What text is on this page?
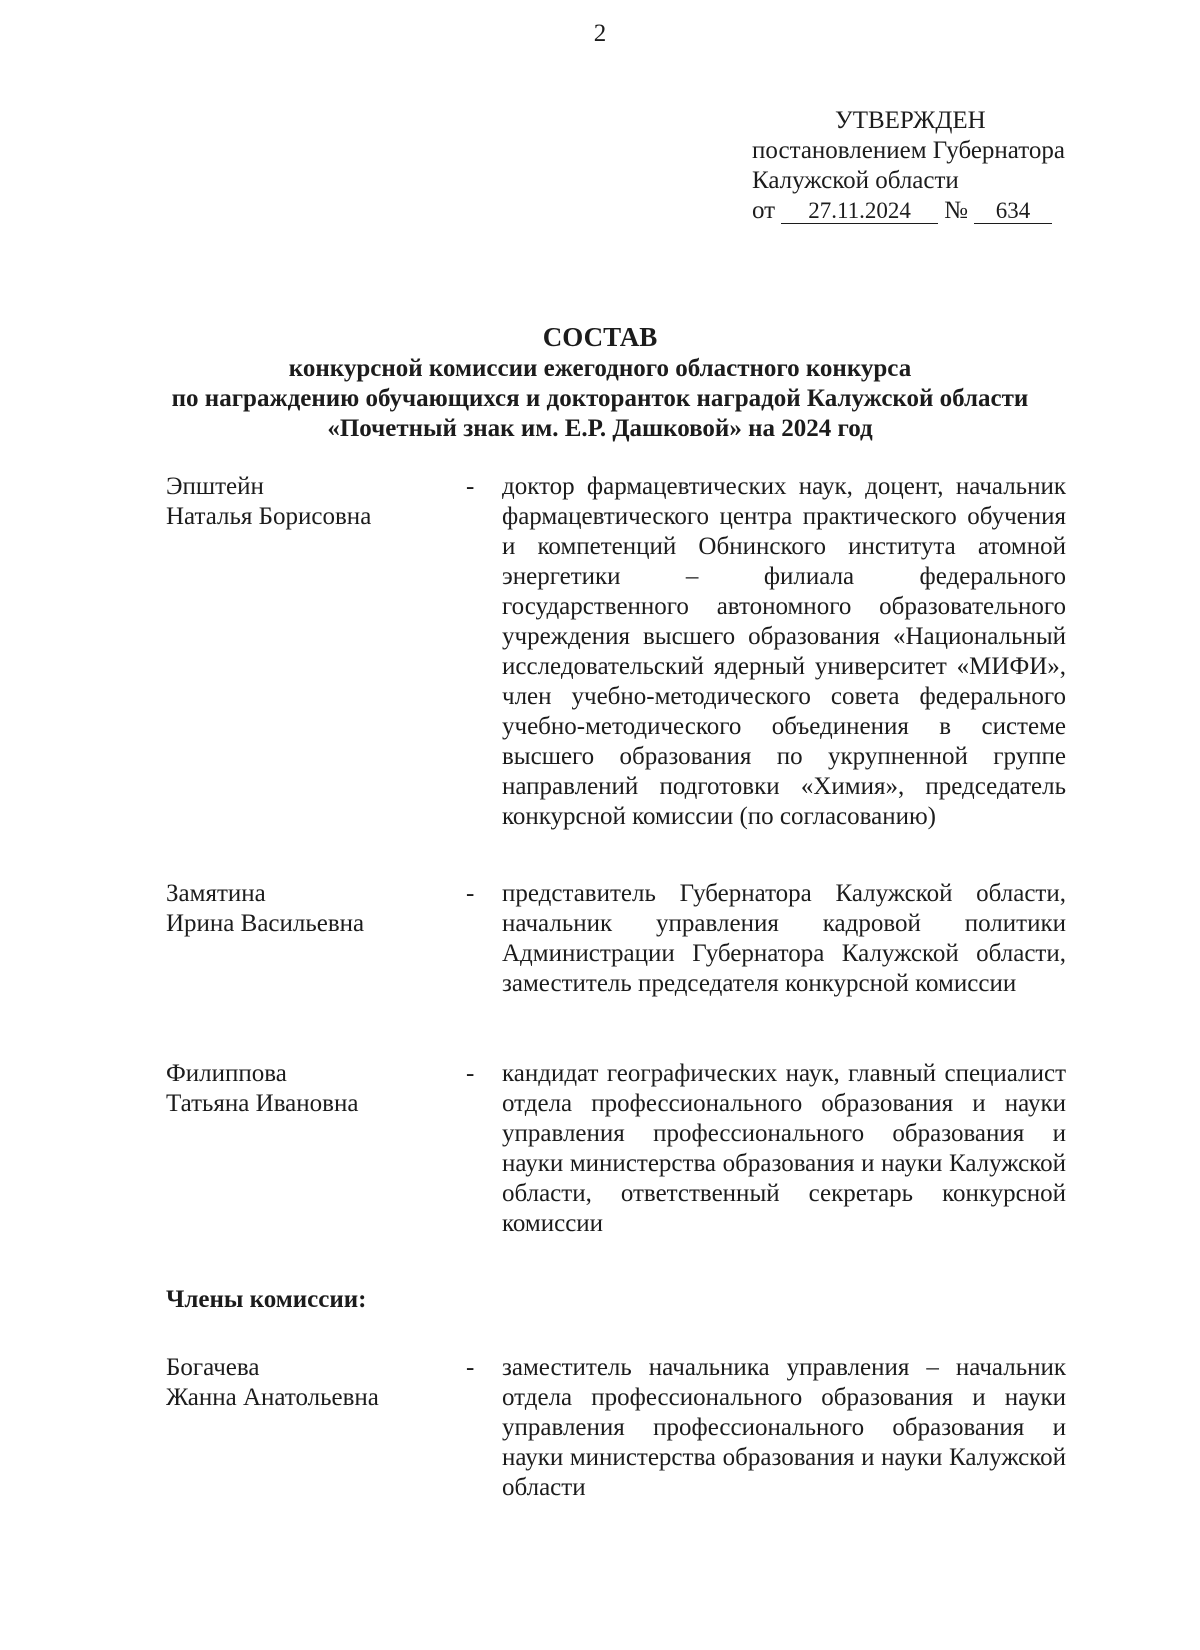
2
УТВЕРЖДЕН
постановлением Губернатора
Калужской области
от 27.11.2024 № 634
СОСТАВ
конкурсной комиссии ежегодного областного конкурса
по награждению обучающихся и докторанток наградой Калужской области
«Почетный знак им. Е.Р. Дашковой» на 2024 год
Эпштейн
Наталья Борисовна
-	доктор фармацевтических наук, доцент, начальник фармацевтического центра практического обучения и компетенций Обнинского института атомной энергетики – филиала федерального государственного автономного образовательного учреждения высшего образования «Национальный исследовательский ядерный университет «МИФИ», член учебно-методического совета федерального учебно-методического объединения в системе высшего образования по укрупненной группе направлений подготовки «Химия», председатель конкурсной комиссии (по согласованию)
Замятина
Ирина Васильевна
-	представитель Губернатора Калужской области, начальник управления кадровой политики Администрации Губернатора Калужской области, заместитель председателя конкурсной комиссии
Филиппова
Татьяна Ивановна
-	кандидат географических наук, главный специалист отдела профессионального образования и науки управления профессионального образования и науки министерства образования и науки Калужской области, ответственный секретарь конкурсной комиссии
Члены комиссии:
Богачева
Жанна Анатольевна
-	заместитель начальника управления – начальник отдела профессионального образования и науки управления профессионального образования и науки министерства образования и науки Калужской области
